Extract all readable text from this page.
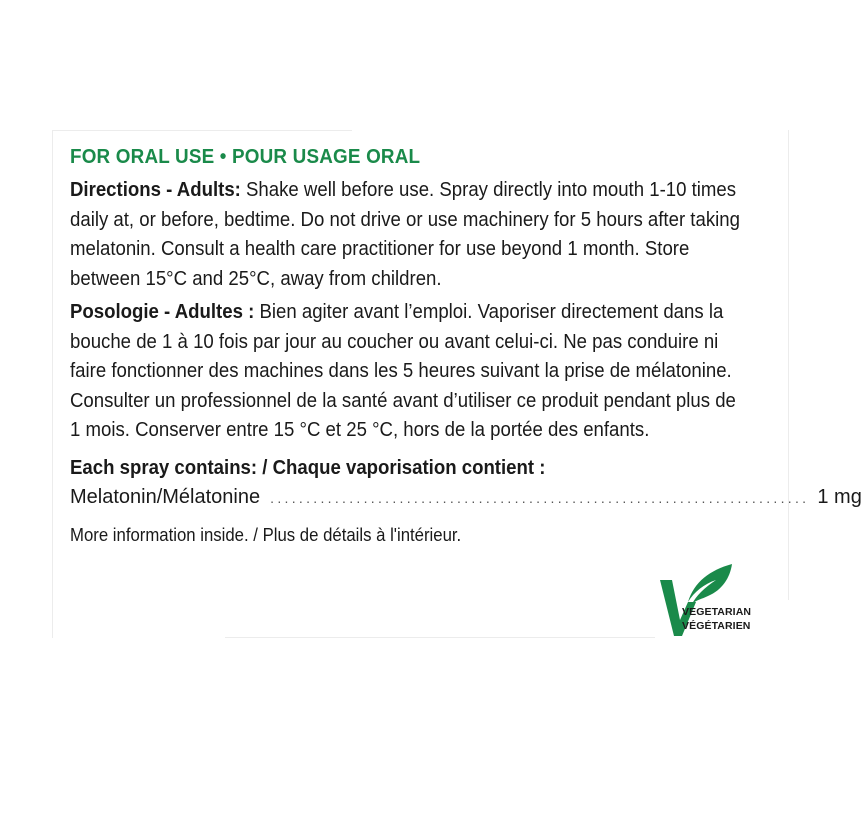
FOR ORAL USE • POUR USAGE ORAL
Directions - Adults: Shake well before use. Spray directly into mouth 1-10 times daily at, or before, bedtime. Do not drive or use machinery for 5 hours after taking melatonin. Consult a health care practitioner for use beyond 1 month. Store between 15°C and 25°C, away from children.
Posologie - Adultes : Bien agiter avant l’emploi. Vaporiser directement dans la bouche de 1 à 10 fois par jour au coucher ou avant celui-ci. Ne pas conduire ni faire fonctionner des machines dans les 5 heures suivant la prise de mélatonine. Consulter un professionnel de la santé avant d’utiliser ce produit pendant plus de 1 mois. Conserver entre 15 °C et 25 °C, hors de la portée des enfants.
Each spray contains: / Chaque vaporisation contient :
Melatonin/Mélatonine ........................................................................... 1 mg
More information inside. / Plus de détails à l'intérieur.
VEGETARIAN
VÉGÉTARIEN
